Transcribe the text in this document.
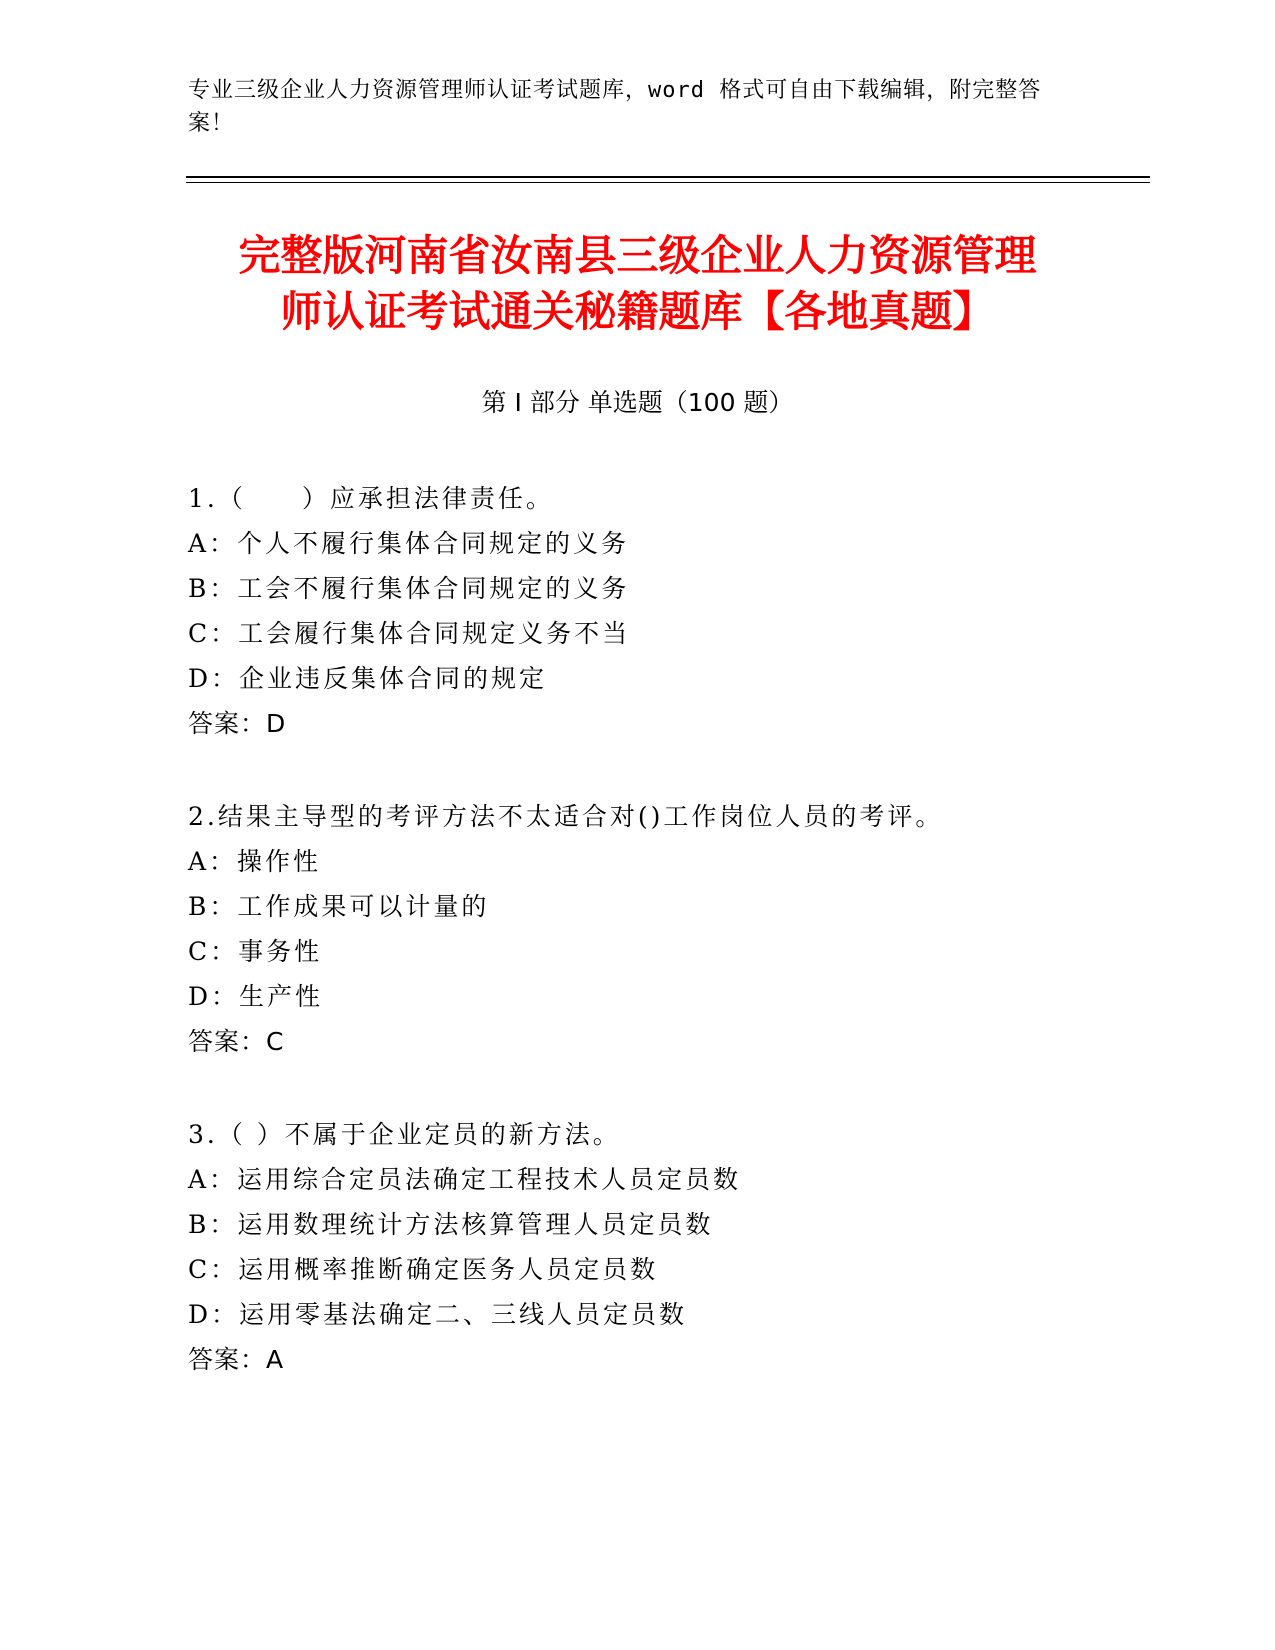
专业三级企业人力资源管理师认证考试题库，word 格式可自由下载编辑，附完整答案！
完整版河南省汝南县三级企业人力资源管理
师认证考试通关秘籍题库【各地真题】
第 I 部分 单选题（100 题）
1.（　　）应承担法律责任。
A：个人不履行集体合同规定的义务
B：工会不履行集体合同规定的义务
C：工会履行集体合同规定义务不当
D：企业违反集体合同的规定
答案：D
2.结果主导型的考评方法不太适合对()工作岗位人员的考评。
A：操作性
B：工作成果可以计量的
C：事务性
D：生产性
答案：C
3.（ ）不属于企业定员的新方法。
A：运用综合定员法确定工程技术人员定员数
B：运用数理统计方法核算管理人员定员数
C：运用概率推断确定医务人员定员数
D：运用零基法确定二、三线人员定员数
答案：A
